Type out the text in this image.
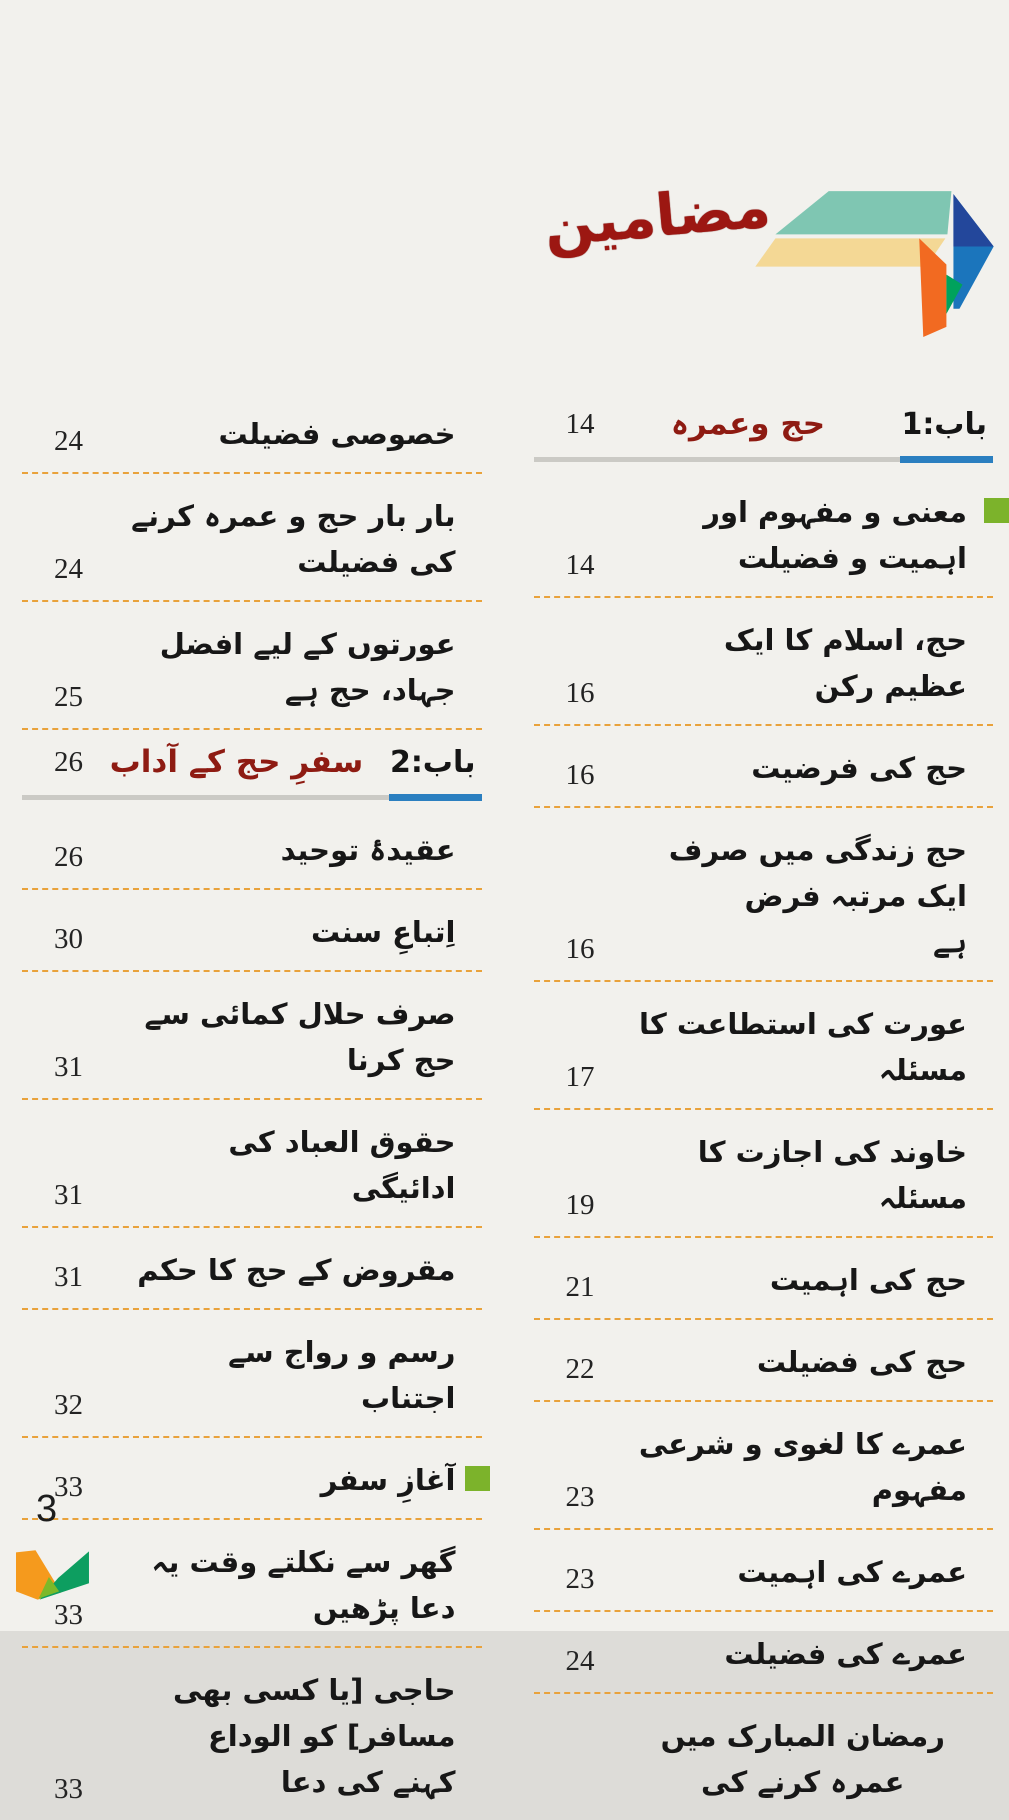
مضامین
باب:1
حج وعمرہ
14
معنی و مفہوم اور اہمیت و فضیلت
14
حج، اسلام کا ایک عظیم رکن
16
حج کی فرضیت
16
حج زندگی میں صرف ایک مرتبہ فرض
ہے
16
عورت کی استطاعت کا مسئلہ
17
خاوند کی اجازت کا مسئلہ
19
حج کی اہمیت
21
حج کی فضیلت
22
عمرے کا لغوی و شرعی مفہوم
23
عمرے کی اہمیت
23
عمرے کی فضیلت
24
رمضان المبارک میں عمرہ کرنے کی
خصوصی فضیلت
24
بار بار حج و عمرہ کرنے کی فضیلت
24
عورتوں کے لیے افضل جہاد، حج ہے
25
باب:2
سفرِ حج کے آداب
26
عقیدۂ توحید
26
اِتباعِ سنت
30
صرف حلال کمائی سے حج کرنا
31
حقوق العباد کی ادائیگی
31
مقروض کے حج کا حکم
31
رسم و رواج سے اجتناب
32
آغازِ سفر
33
گھر سے نکلتے وقت یہ دعا پڑھیں
33
حاجی [یا کسی بھی مسافر] کو الوداع
کہنے کی دعا
33
3
